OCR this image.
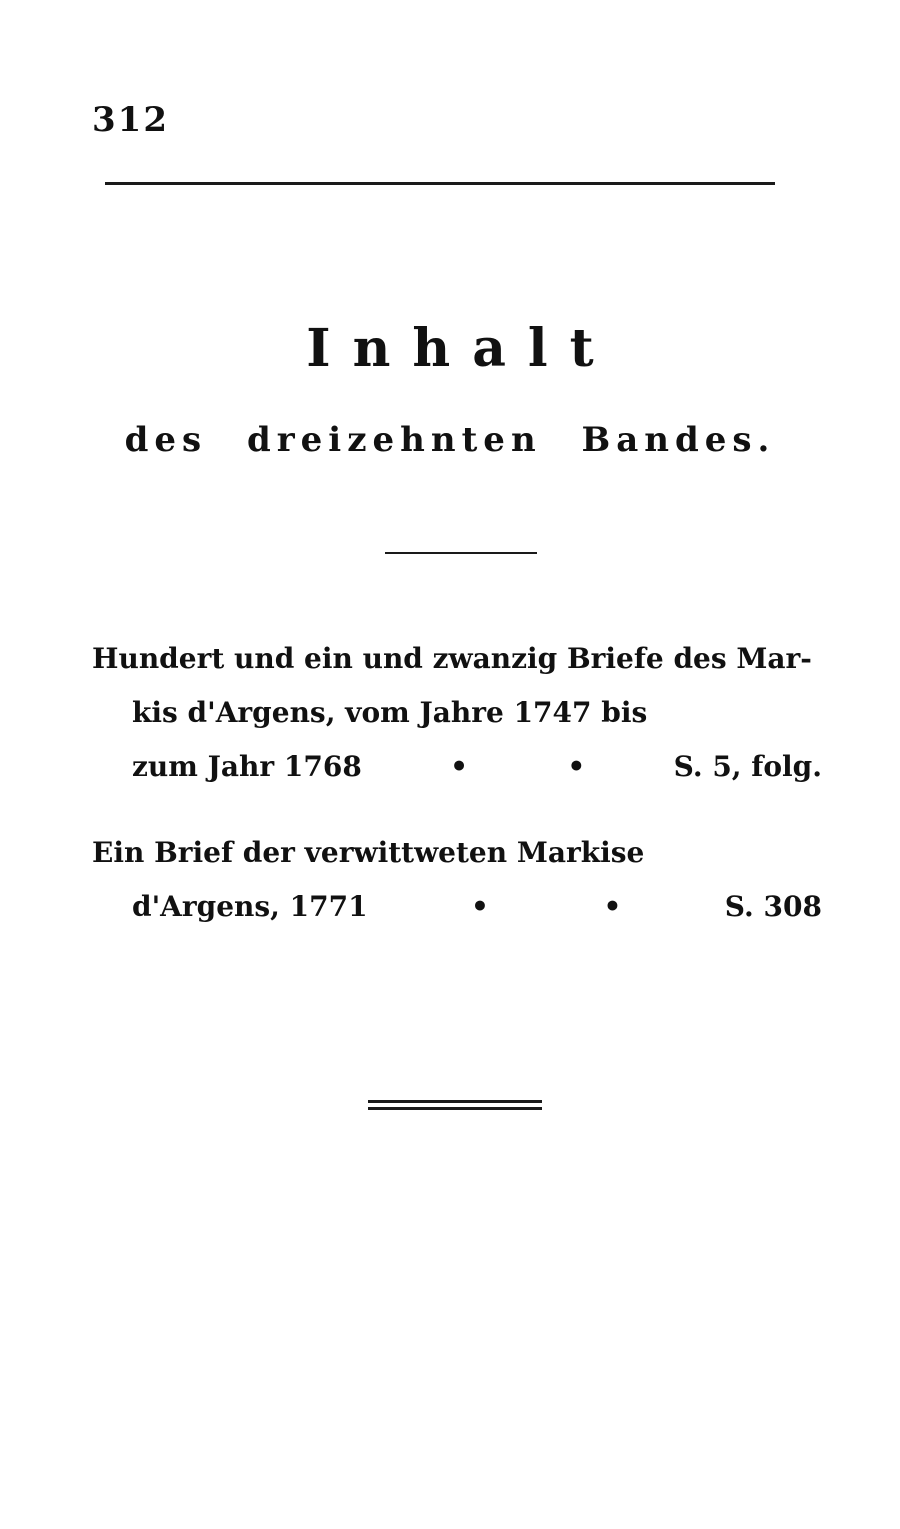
312
Inhalt
des dreizehnten Bandes.
Hundert und ein und zwanzig Briefe des Mar-
kis d'Argens, vom Jahre 1747 bis
zum Jahr 1768	•	•	S. 5, folg.
Ein Brief der verwittweten Markise
d'Argens, 1771	•	•	S. 308
